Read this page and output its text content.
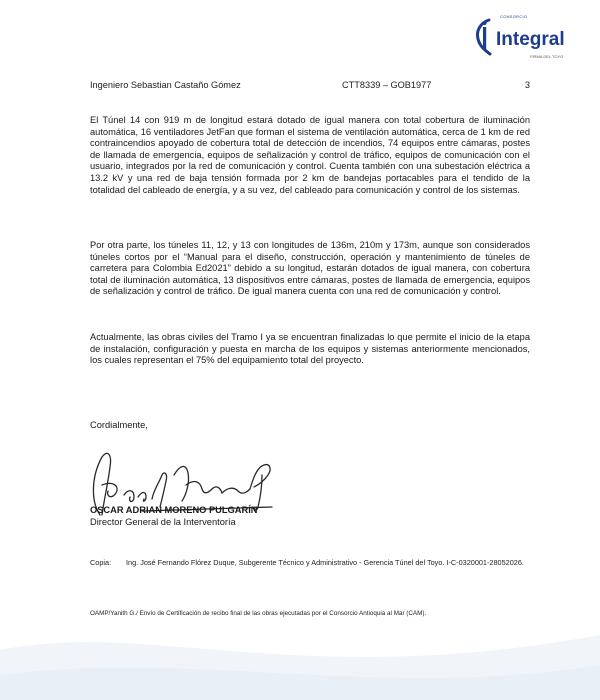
CONSORCIO
Integral
FIRMA DEL TOYO
Ingeniero Sebastian Castaño Gómez	CTT8339 – GOB1977	3
El Túnel 14 con 919 m de longitud estará dotado de igual manera con total cobertura de iluminación automática, 16 ventiladores JetFan que forman el sistema de ventilación automática, cerca de 1 km de red contraincendios apoyado de cobertura total de detección de incendios, 74 equipos entre cámaras, postes de llamada de emergencia, equipos de señalización y control de tráfico, equipos de comunicación con el usuario, integrados por la red de comunicación y control. Cuenta también con una subestación eléctrica a 13.2 kV y una red de baja tensión formada por 2 km de bandejas portacables para el tendido de la totalidad del cableado de energía, y a su vez, del cableado para comunicación y control de los sistemas.
Por otra parte, los túneles 11, 12, y 13 con longitudes de 136m, 210m y 173m, aunque son considerados túneles cortos por el “Manual para el diseño, construcción, operación y mantenimiento de túneles de carretera para Colombia Ed2021” debido a su longitud, estarán dotados de igual manera, con cobertura total de iluminación automática, 13 dispositivos entre cámaras, postes de llamada de emergencia, equipos de señalización y control de tráfico. De igual manera cuenta con una red de comunicación y control.
Actualmente, las obras civiles del Tramo I ya se encuentran finalizadas lo que permite el inicio de la etapa de instalación, configuración y puesta en marcha de los equipos y sistemas anteriormente mencionados, los cuales representan el 75% del equipamiento total del proyecto.
Cordialmente,
OSCAR ADRIAN MORENO PULGARÍN
Director General de la Interventoría
Copia: Ing. José Fernando Flórez Duque, Subgerente Técnico y Administrativo - Gerencia Túnel del Toyo. I-C-0320001-28052026.
OAMP/Yanith G./ Envío de Certificación de recibo final de las obras ejecutadas por el Consorcio Antioquia al Mar (CAM).
